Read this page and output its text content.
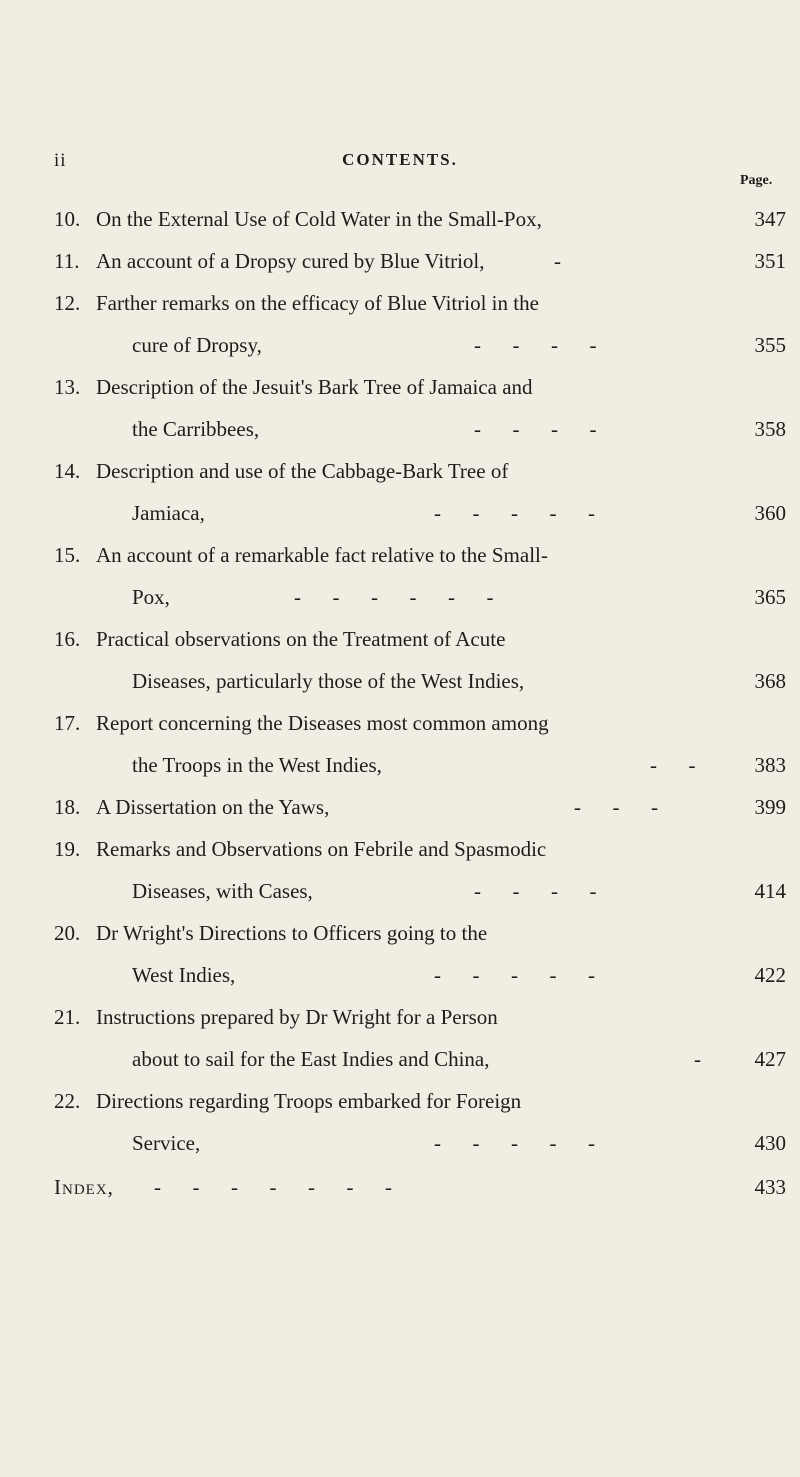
ii	CONTENTS.
Page.
10. On the External Use of Cold Water in the Small-Pox,	347
11. An account of a Dropsy cured by Blue Vitriol,	-	351
12. Farther remarks on the efficacy of Blue Vitriol in the
cure of Dropsy,	-      -      -      -	355
13. Description of the Jesuit's Bark Tree of Jamaica and
the Carribbees,	-      -      -      -	358
14. Description and use of the Cabbage-Bark Tree of
Jamiaca,	-      -      -      -      -	360
15. An account of a remarkable fact relative to the Small-
Pox,	-      -      -      -      -      -	365
16. Practical observations on the Treatment of Acute
Diseases, particularly those of the West Indies,	368
17. Report concerning the Diseases most common among
the Troops in the West Indies,	-      -	383
18. A Dissertation on the Yaws,	-      -      -	399
19. Remarks and Observations on Febrile and Spasmodic
Diseases, with Cases,	-      -      -      -	414
20. Dr Wright's Directions to Officers going to the
West Indies,	-      -      -      -      -	422
21. Instructions prepared by Dr Wright for a Person
about to sail for the East Indies and China,	-	427
22. Directions regarding Troops embarked for Foreign
Service,	-      -      -      -      -	430
Index, -      -      -      -      -      -      -	433
